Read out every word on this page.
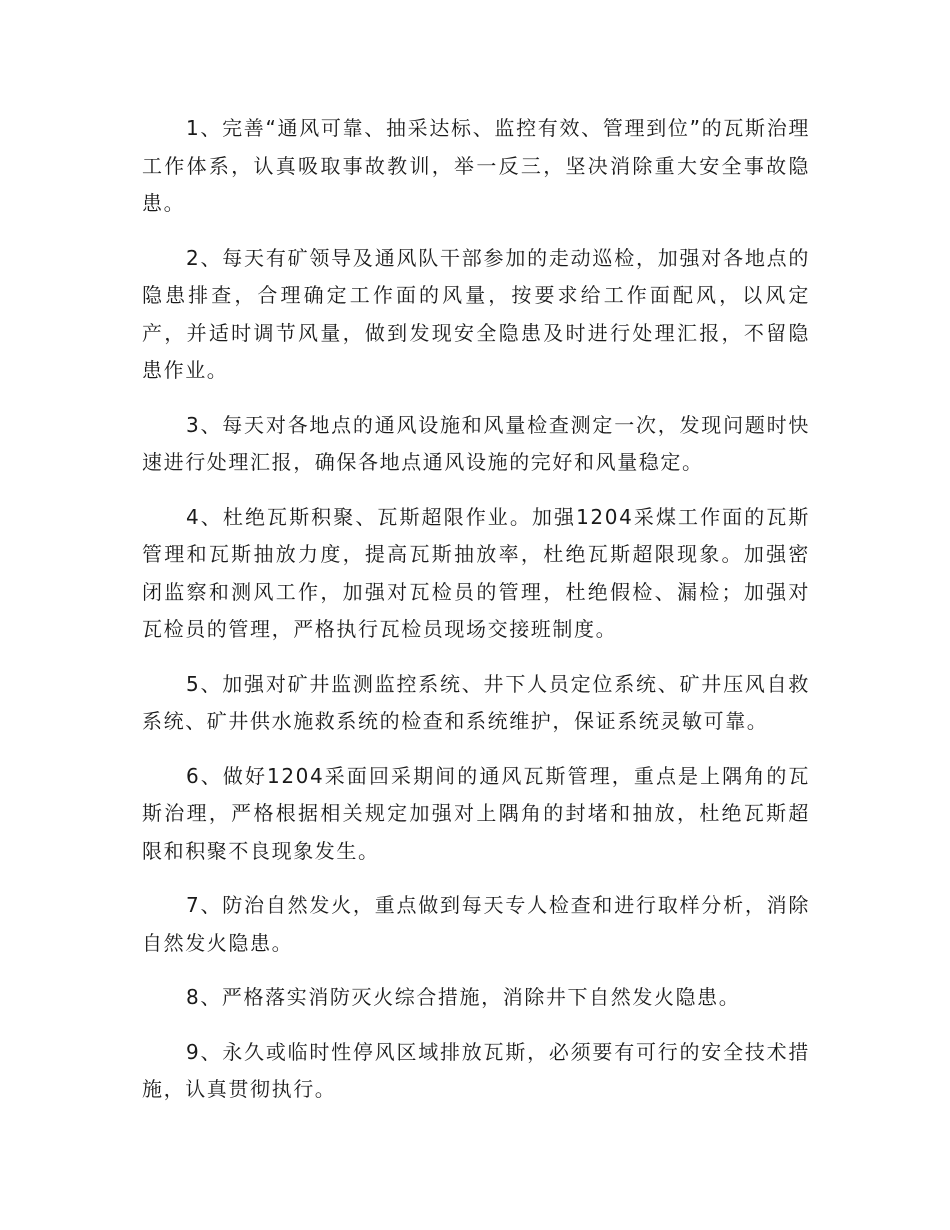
1、完善“通风可靠、抽采达标、监控有效、管理到位”的瓦斯治理工作体系，认真吸取事故教训，举一反三，坚决消除重大安全事故隐患。

2、每天有矿领导及通风队干部参加的走动巡检，加强对各地点的隐患排查，合理确定工作面的风量，按要求给工作面配风，以风定产，并适时调节风量，做到发现安全隐患及时进行处理汇报，不留隐患作业。

3、每天对各地点的通风设施和风量检查测定一次，发现问题时快速进行处理汇报，确保各地点通风设施的完好和风量稳定。

4、杜绝瓦斯积聚、瓦斯超限作业。加强1204采煤工作面的瓦斯管理和瓦斯抽放力度，提高瓦斯抽放率，杜绝瓦斯超限现象。加强密闭监察和测风工作，加强对瓦检员的管理，杜绝假检、漏检；加强对瓦检员的管理，严格执行瓦检员现场交接班制度。

5、加强对矿井监测监控系统、井下人员定位系统、矿井压风自救系统、矿井供水施救系统的检查和系统维护，保证系统灵敏可靠。

6、做好1204采面回采期间的通风瓦斯管理，重点是上隅角的瓦斯治理，严格根据相关规定加强对上隅角的封堵和抽放，杜绝瓦斯超限和积聚不良现象发生。

7、防治自然发火，重点做到每天专人检查和进行取样分析，消除自然发火隐患。

8、严格落实消防灭火综合措施，消除井下自然发火隐患。

9、永久或临时性停风区域排放瓦斯，必须要有可行的安全技术措施，认真贯彻执行。
